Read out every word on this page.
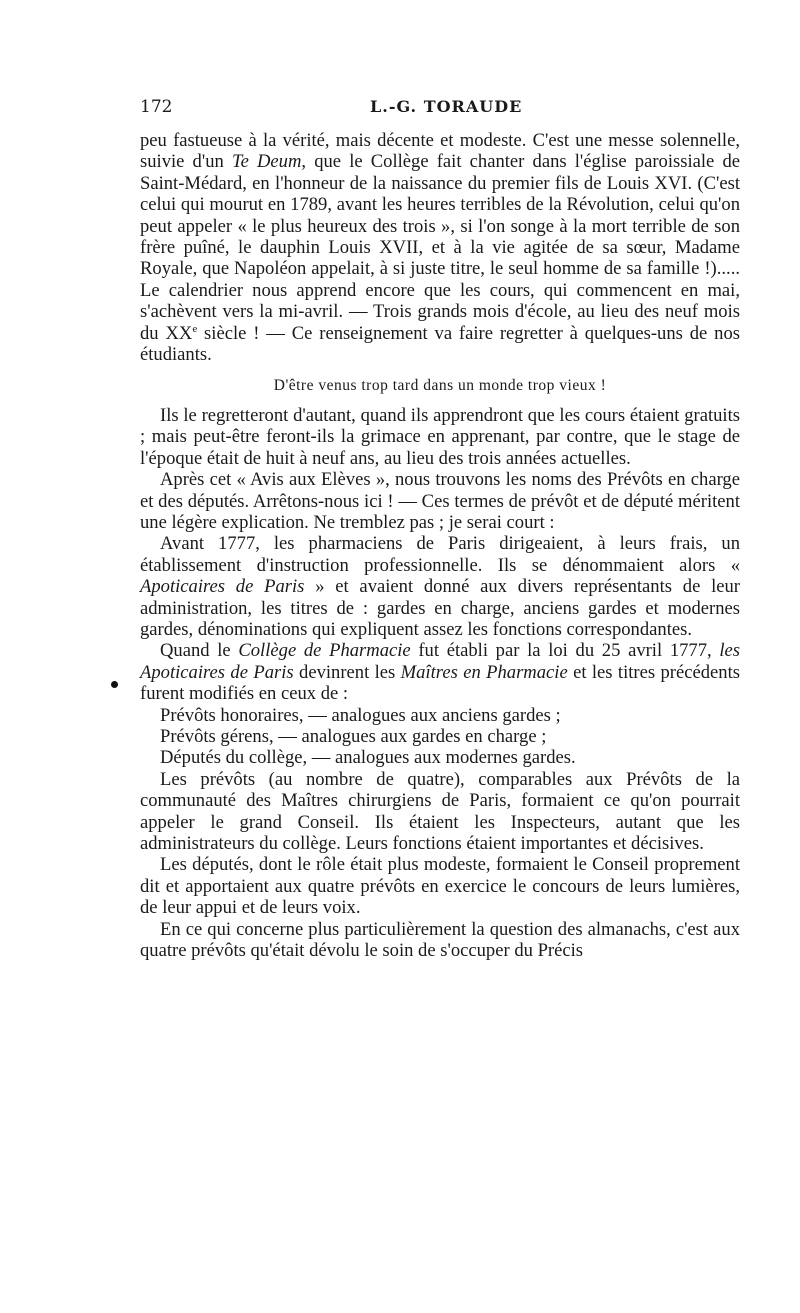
172	L.-G. TORAUDE

peu fastueuse à la vérité, mais décente et modeste. C'est une messe solennelle, suivie d'un Te Deum, que le Collège fait chanter dans l'église paroissiale de Saint-Médard, en l'honneur de la naissance du premier fils de Louis XVI. (C'est celui qui mourut en 1789, avant les heures terribles de la Révolution, celui qu'on peut appeler « le plus heureux des trois », si l'on songe à la mort terrible de son frère puîné, le dauphin Louis XVII, et à la vie agitée de sa sœur, Madame Royale, que Napoléon appelait, à si juste titre, le seul homme de sa famille !)..... Le calendrier nous apprend encore que les cours, qui commencent en mai, s'achèvent vers la mi-avril. — Trois grands mois d'école, au lieu des neuf mois du XXe siècle ! — Ce renseignement va faire regretter à quelques-uns de nos étudiants.

D'être venus trop tard dans un monde trop vieux !

Ils le regretteront d'autant, quand ils apprendront que les cours étaient gratuits ; mais peut-être feront-ils la grimace en apprenant, par contre, que le stage de l'époque était de huit à neuf ans, au lieu des trois années actuelles.

Après cet « Avis aux Elèves », nous trouvons les noms des Prévôts en charge et des députés. Arrêtons-nous ici ! — Ces termes de prévôt et de député méritent une légère explication. Ne tremblez pas ; je serai court :

Avant 1777, les pharmaciens de Paris dirigeaient, à leurs frais, un établissement d'instruction professionnelle. Ils se dénommaient alors « Apoticaires de Paris » et avaient donné aux divers représentants de leur administration, les titres de : gardes en charge, anciens gardes et modernes gardes, dénominations qui expliquent assez les fonctions correspondantes.

Quand le Collège de Pharmacie fut établi par la loi du 25 avril 1777, les Apoticaires de Paris devinrent les Maîtres en Pharmacie et les titres précédents furent modifiés en ceux de :

Prévôts honoraires, — analogues aux anciens gardes ;

Prévôts gérens, — analogues aux gardes en charge ;

Députés du collège, — analogues aux modernes gardes.

Les prévôts (au nombre de quatre), comparables aux Prévôts de la communauté des Maîtres chirurgiens de Paris, formaient ce qu'on pourrait appeler le grand Conseil. Ils étaient les Inspecteurs, autant que les administrateurs du collège. Leurs fonctions étaient importantes et décisives.

Les députés, dont le rôle était plus modeste, formaient le Conseil proprement dit et apportaient aux quatre prévôts en exercice le concours de leurs lumières, de leur appui et de leurs voix.

En ce qui concerne plus particulièrement la question des almanachs, c'est aux quatre prévôts qu'était dévolu le soin de s'occuper du Précis
